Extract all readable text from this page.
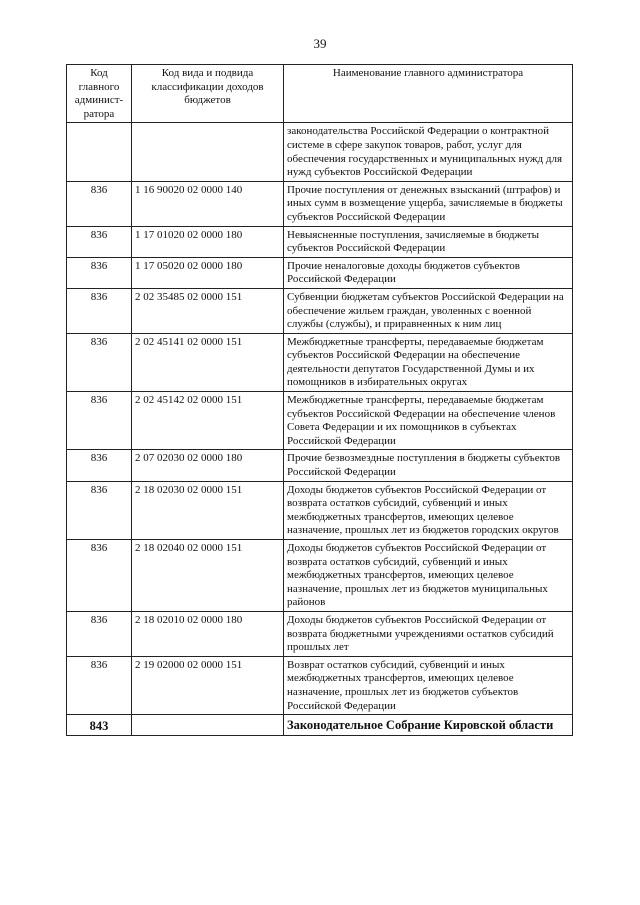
39
Код главного админист-ратора	Код вида и подвида классификации доходов бюджетов	Наименование главного администратора
		законодательства Российской Федерации о контрактной системе в сфере закупок товаров, работ, услуг для обеспечения государственных и муниципальных нужд для нужд субъектов Российской Федерации
836	1 16 90020 02 0000 140	Прочие поступления от денежных взысканий (штрафов) и иных сумм в возмещение ущерба, зачисляемые в бюджеты субъектов Российской Федерации
836	1 17 01020 02 0000 180	Невыясненные поступления, зачисляемые в бюджеты субъектов Российской Федерации
836	1 17 05020 02 0000 180	Прочие неналоговые доходы бюджетов субъектов Российской Федерации
836	2 02 35485 02 0000 151	Субвенции бюджетам субъектов Российской Федерации на обеспечение жильем граждан, уволенных с военной службы (службы), и приравненных к ним лиц
836	2 02 45141 02 0000 151	Межбюджетные трансферты, передаваемые бюджетам субъектов Российской Федерации на обеспечение деятельности депутатов Государственной Думы и их помощников в избирательных округах
836	2 02 45142 02 0000 151	Межбюджетные трансферты, передаваемые бюджетам субъектов Российской Федерации на обеспечение членов Совета Федерации и их помощников в субъектах Российской Федерации
836	2 07 02030 02 0000 180	Прочие безвозмездные поступления в бюджеты субъектов Российской Федерации
836	2 18 02030 02 0000 151	Доходы бюджетов субъектов Российской Федерации от возврата остатков субсидий, субвенций и иных межбюджетных трансфертов, имеющих целевое назначение, прошлых лет из бюджетов городских округов
836	2 18 02040 02 0000 151	Доходы бюджетов субъектов Российской Федерации от возврата остатков субсидий, субвенций и иных межбюджетных трансфертов, имеющих целевое назначение, прошлых лет из бюджетов муниципальных районов
836	2 18 02010 02 0000 180	Доходы бюджетов субъектов Российской Федерации от возврата бюджетными учреждениями остатков субсидий прошлых лет
836	2 19 02000 02 0000 151	Возврат остатков субсидий, субвенций и иных межбюджетных трансфертов, имеющих целевое назначение, прошлых лет из бюджетов субъектов Российской Федерации
843		Законодательное Собрание Кировской области
